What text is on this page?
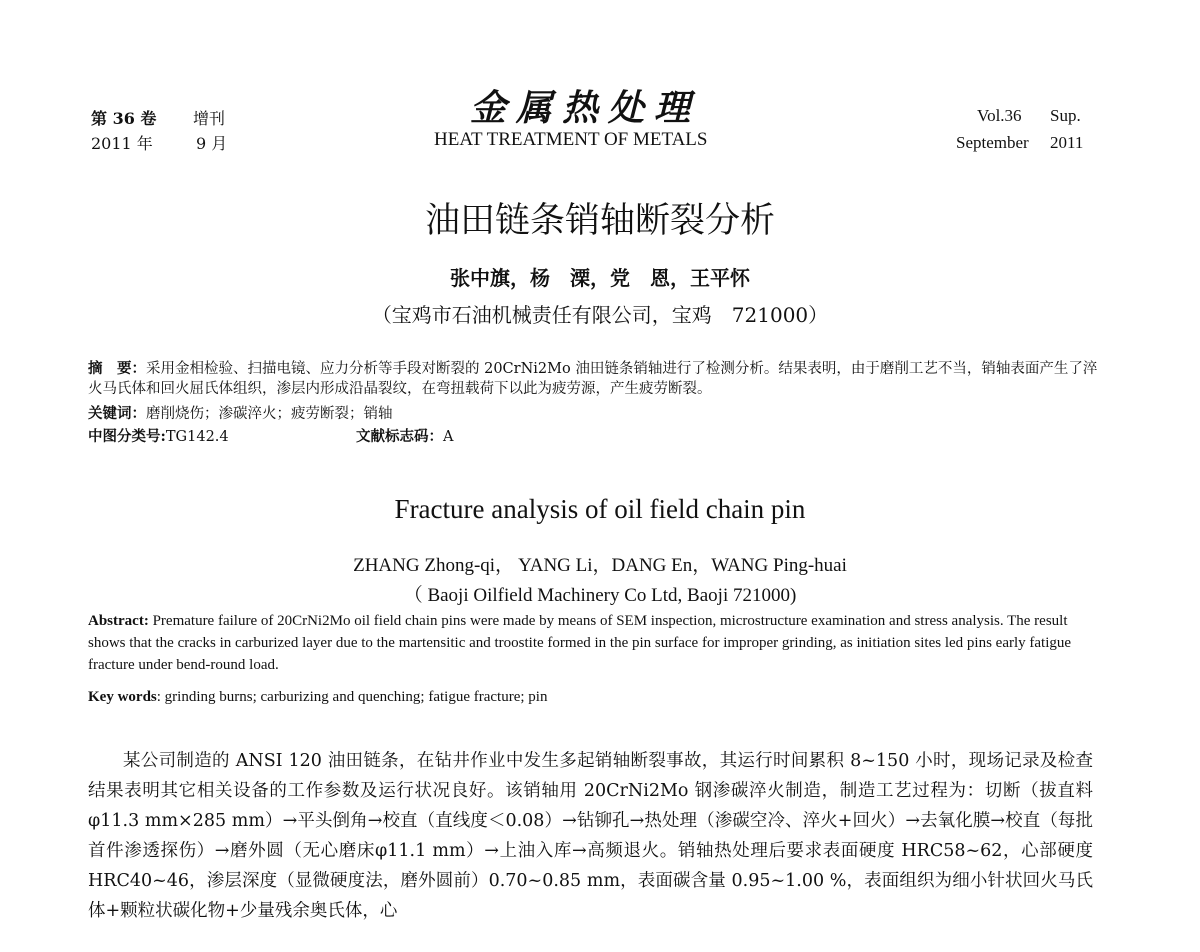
第 36 卷 增刊
2011 年	9 月
金属热处理
HEAT TREATMENT OF METALS
Vol.36 Sup.
September 2011
油田链条销轴断裂分析
张中旗，杨　溧，党　恩，王平怀
（宝鸡市石油机械责任有限公司，宝鸡　721000）
摘　要：采用金相检验、扫描电镜、应力分析等手段对断裂的 20CrNi2Mo 油田链条销轴进行了检测分析。结果表明，由于磨削工艺不当，销轴表面产生了淬火马氏体和回火屈氏体组织，渗层内形成沿晶裂纹，在弯扭载荷下以此为疲劳源，产生疲劳断裂。
关键词：磨削烧伤；渗碳淬火；疲劳断裂；销轴
中图分类号:TG142.4	文献标志码：A
Fracture analysis of oil field chain pin
ZHANG Zhong-qi， YANG Li，DANG En，WANG Ping-huai
（ Baoji Oilfield Machinery Co Ltd, Baoji 721000)
Abstract: Premature failure of 20CrNi2Mo oil field chain pins were made by means of SEM inspection, microstructure examination and stress analysis. The result shows that the cracks in carburized layer due to the martensitic and troostite formed in the pin surface for improper grinding, as initiation sites led pins early fatigue fracture under bend-round load.
Key words: grinding burns; carburizing and quenching; fatigue fracture; pin

某公司制造的 ANSI 120 油田链条，在钻井作业中发生多起销轴断裂事故，其运行时间累积 8~150 小时，现场记录及检查结果表明其它相关设备的工作参数及运行状况良好。该销轴用 20CrNi2Mo 钢渗碳淬火制造，制造工艺过程为：切断（拔直料φ11.3 mm×285 mm）→平头倒角→校直（直线度＜0.08）→钻铆孔→热处理（渗碳空冷、淬火+回火）→去氧化膜→校直（每批首件渗透探伤）→磨外圆（无心磨床φ11.1 mm）→上油入库→高频退火。销轴热处理后要求表面硬度 HRC58~62，心部硬度 HRC40~46，渗层深度（显微硬度法，磨外圆前）0.70~0.85 mm，表面碳含量 0.95~1.00 %，表面组织为细小针状回火马氏体+颗粒状碳化物+少量残余奥氏体，心
